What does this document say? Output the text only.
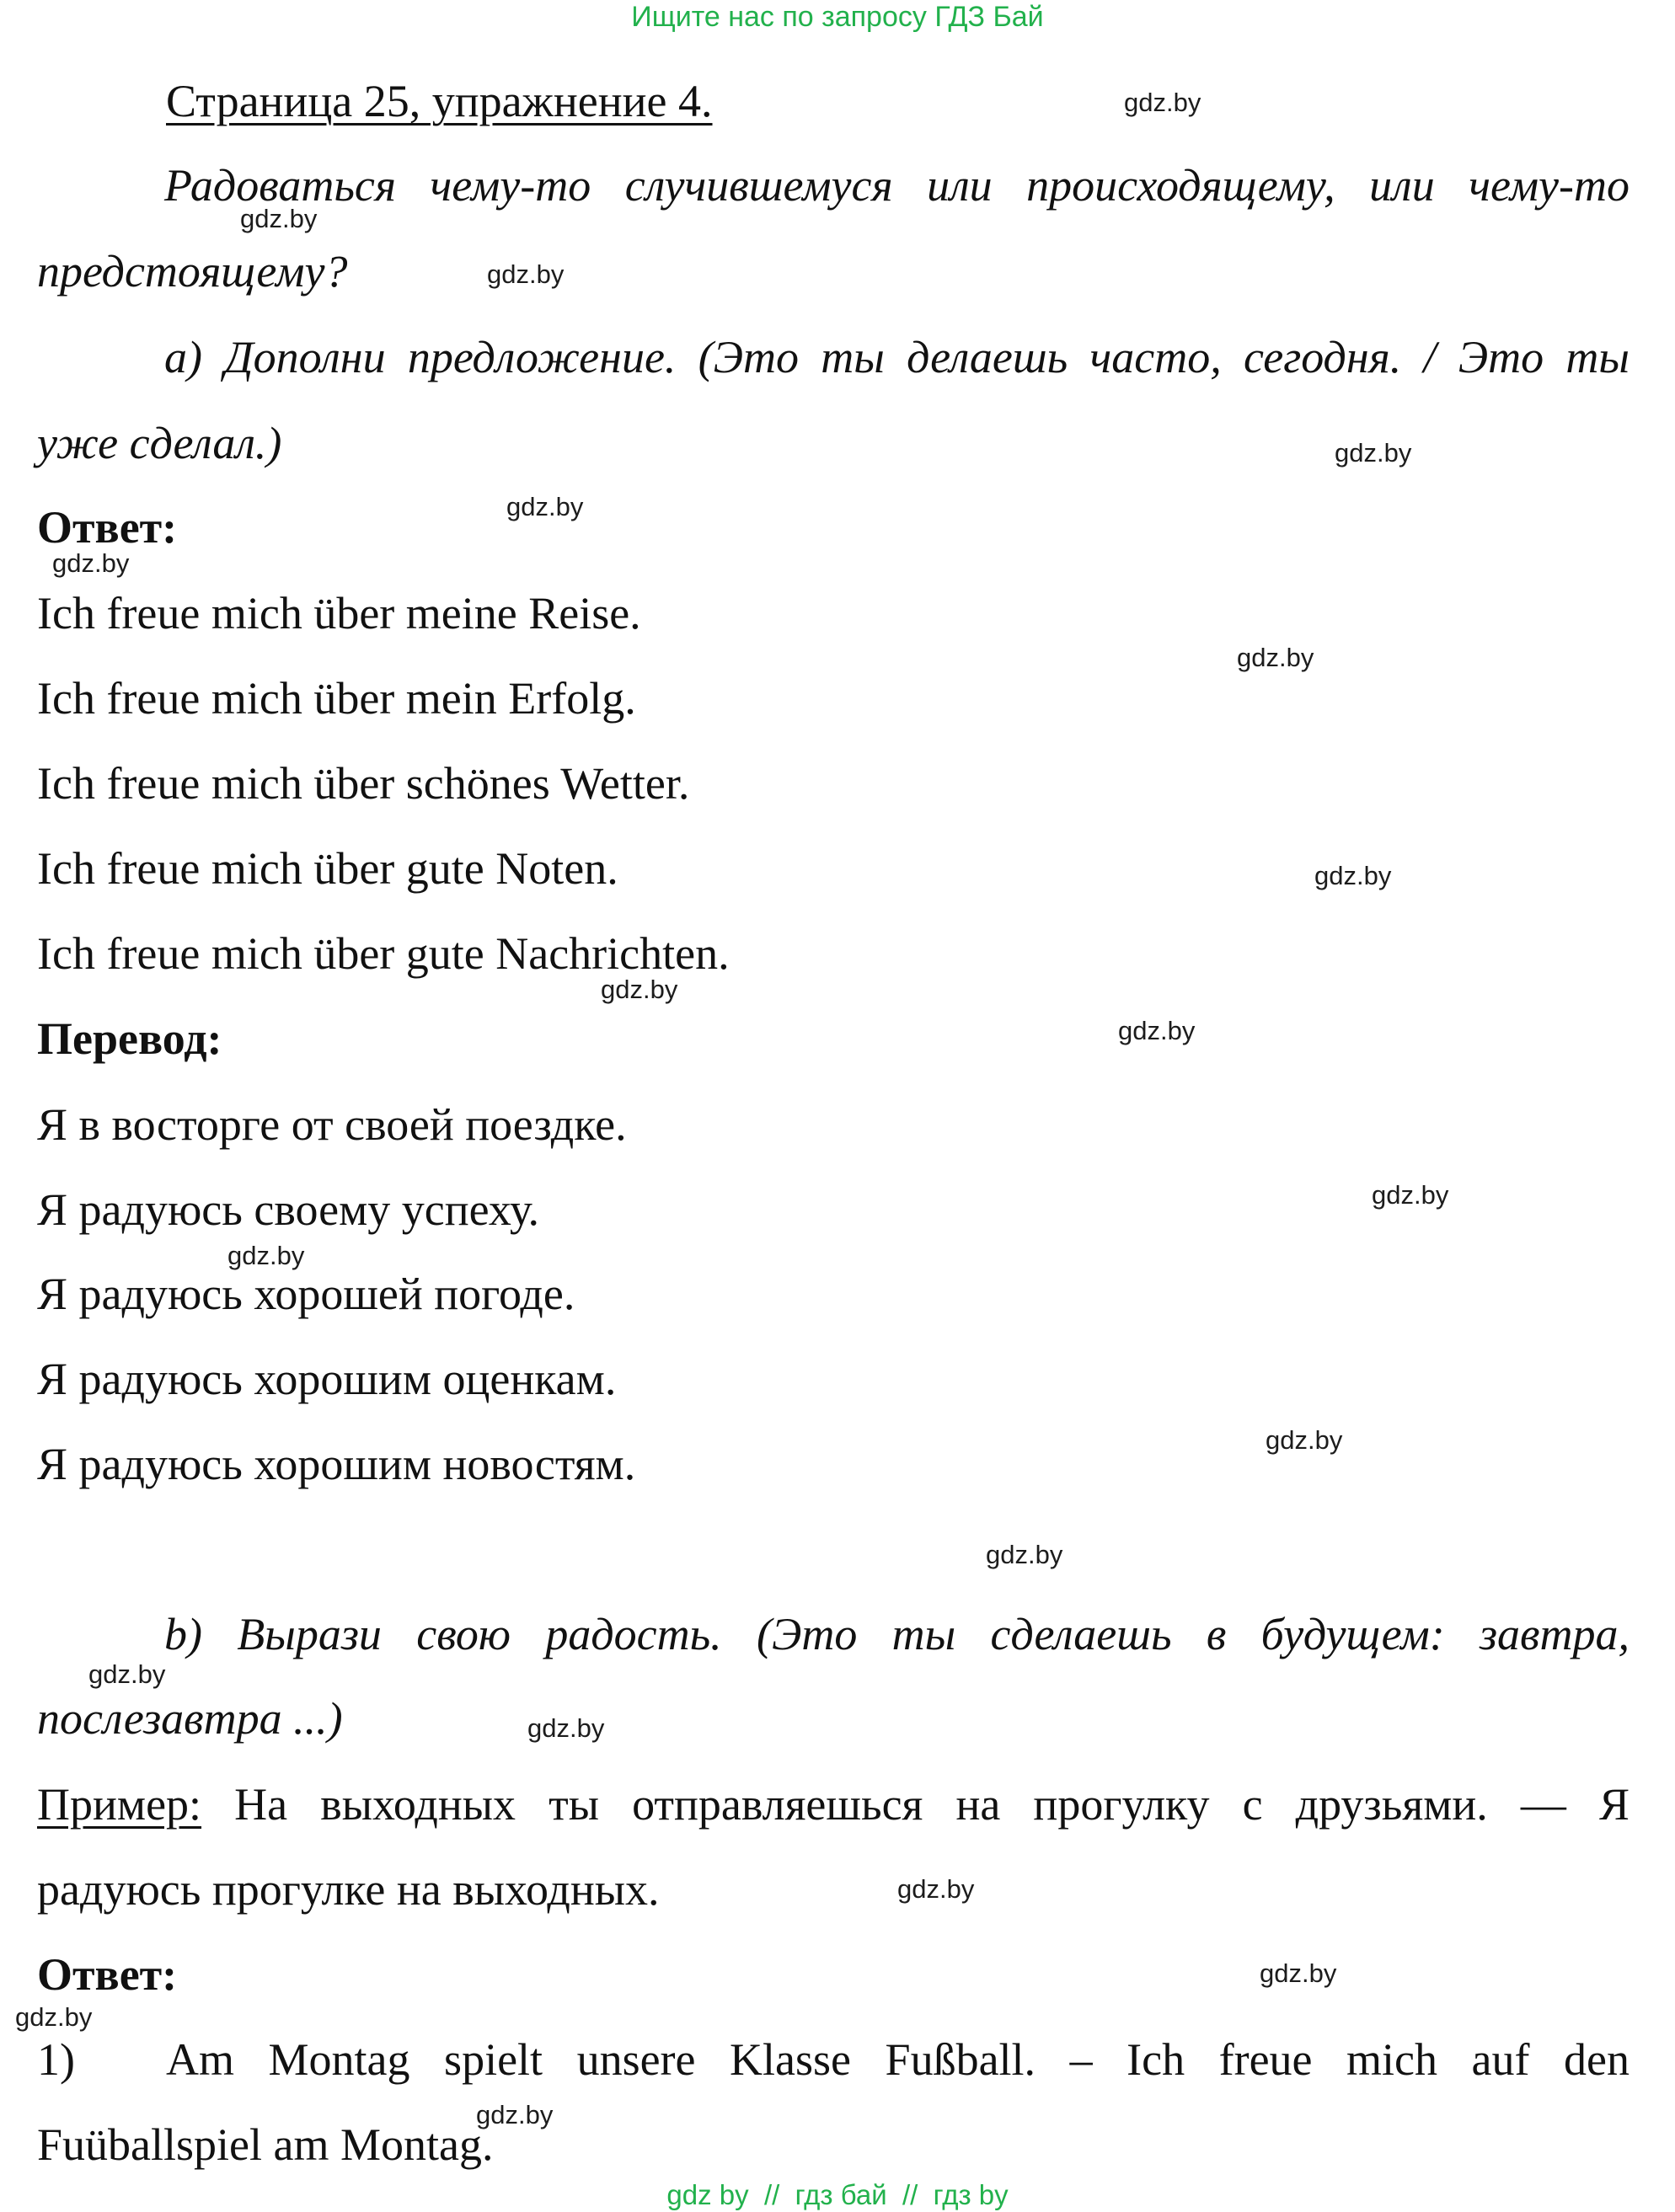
Ищите нас по запросу ГДЗ Бай
Страница 25, упражнение 4.
Радоваться чему-то случившемуся или происходящему, или чему-то
предстоящему?
а) Дополни предложение. (Это ты делаешь часто, сегодня. / Это ты
уже сделал.)
Ответ:
Ich freue mich über meine Reise.
Ich freue mich über mein Erfolg.
Ich freue mich über schönes Wetter.
Ich freue mich über gute Noten.
Ich freue mich über gute Nachrichten.
Перевод:
Я в восторге от своей поездке.
Я радуюсь своему успеху.
Я радуюсь хорошей погоде.
Я радуюсь хорошим оценкам.
Я радуюсь хорошим новостям.
b) Вырази свою радость. (Это ты сделаешь в будущем: завтра,
послезавтра ...)
Пример: На выходных ты отправляешься на прогулку с друзьями. — Я
радуюсь прогулке на выходных.
Ответ:
1) Am Montag spielt unsere Klasse Fußball. – Ich freue mich auf den
Fuüballspiel am Montag.
gdz.by
gdz.by
gdz.by
gdz.by
gdz.by
gdz.by
gdz.by
gdz.by
gdz.by
gdz.by
gdz.by
gdz.by
gdz.by
gdz.by
gdz.by
gdz.by
gdz.by
gdz.by
gdz.by
gdz.by
gdz by  //  гдз бай  //  гдз by
